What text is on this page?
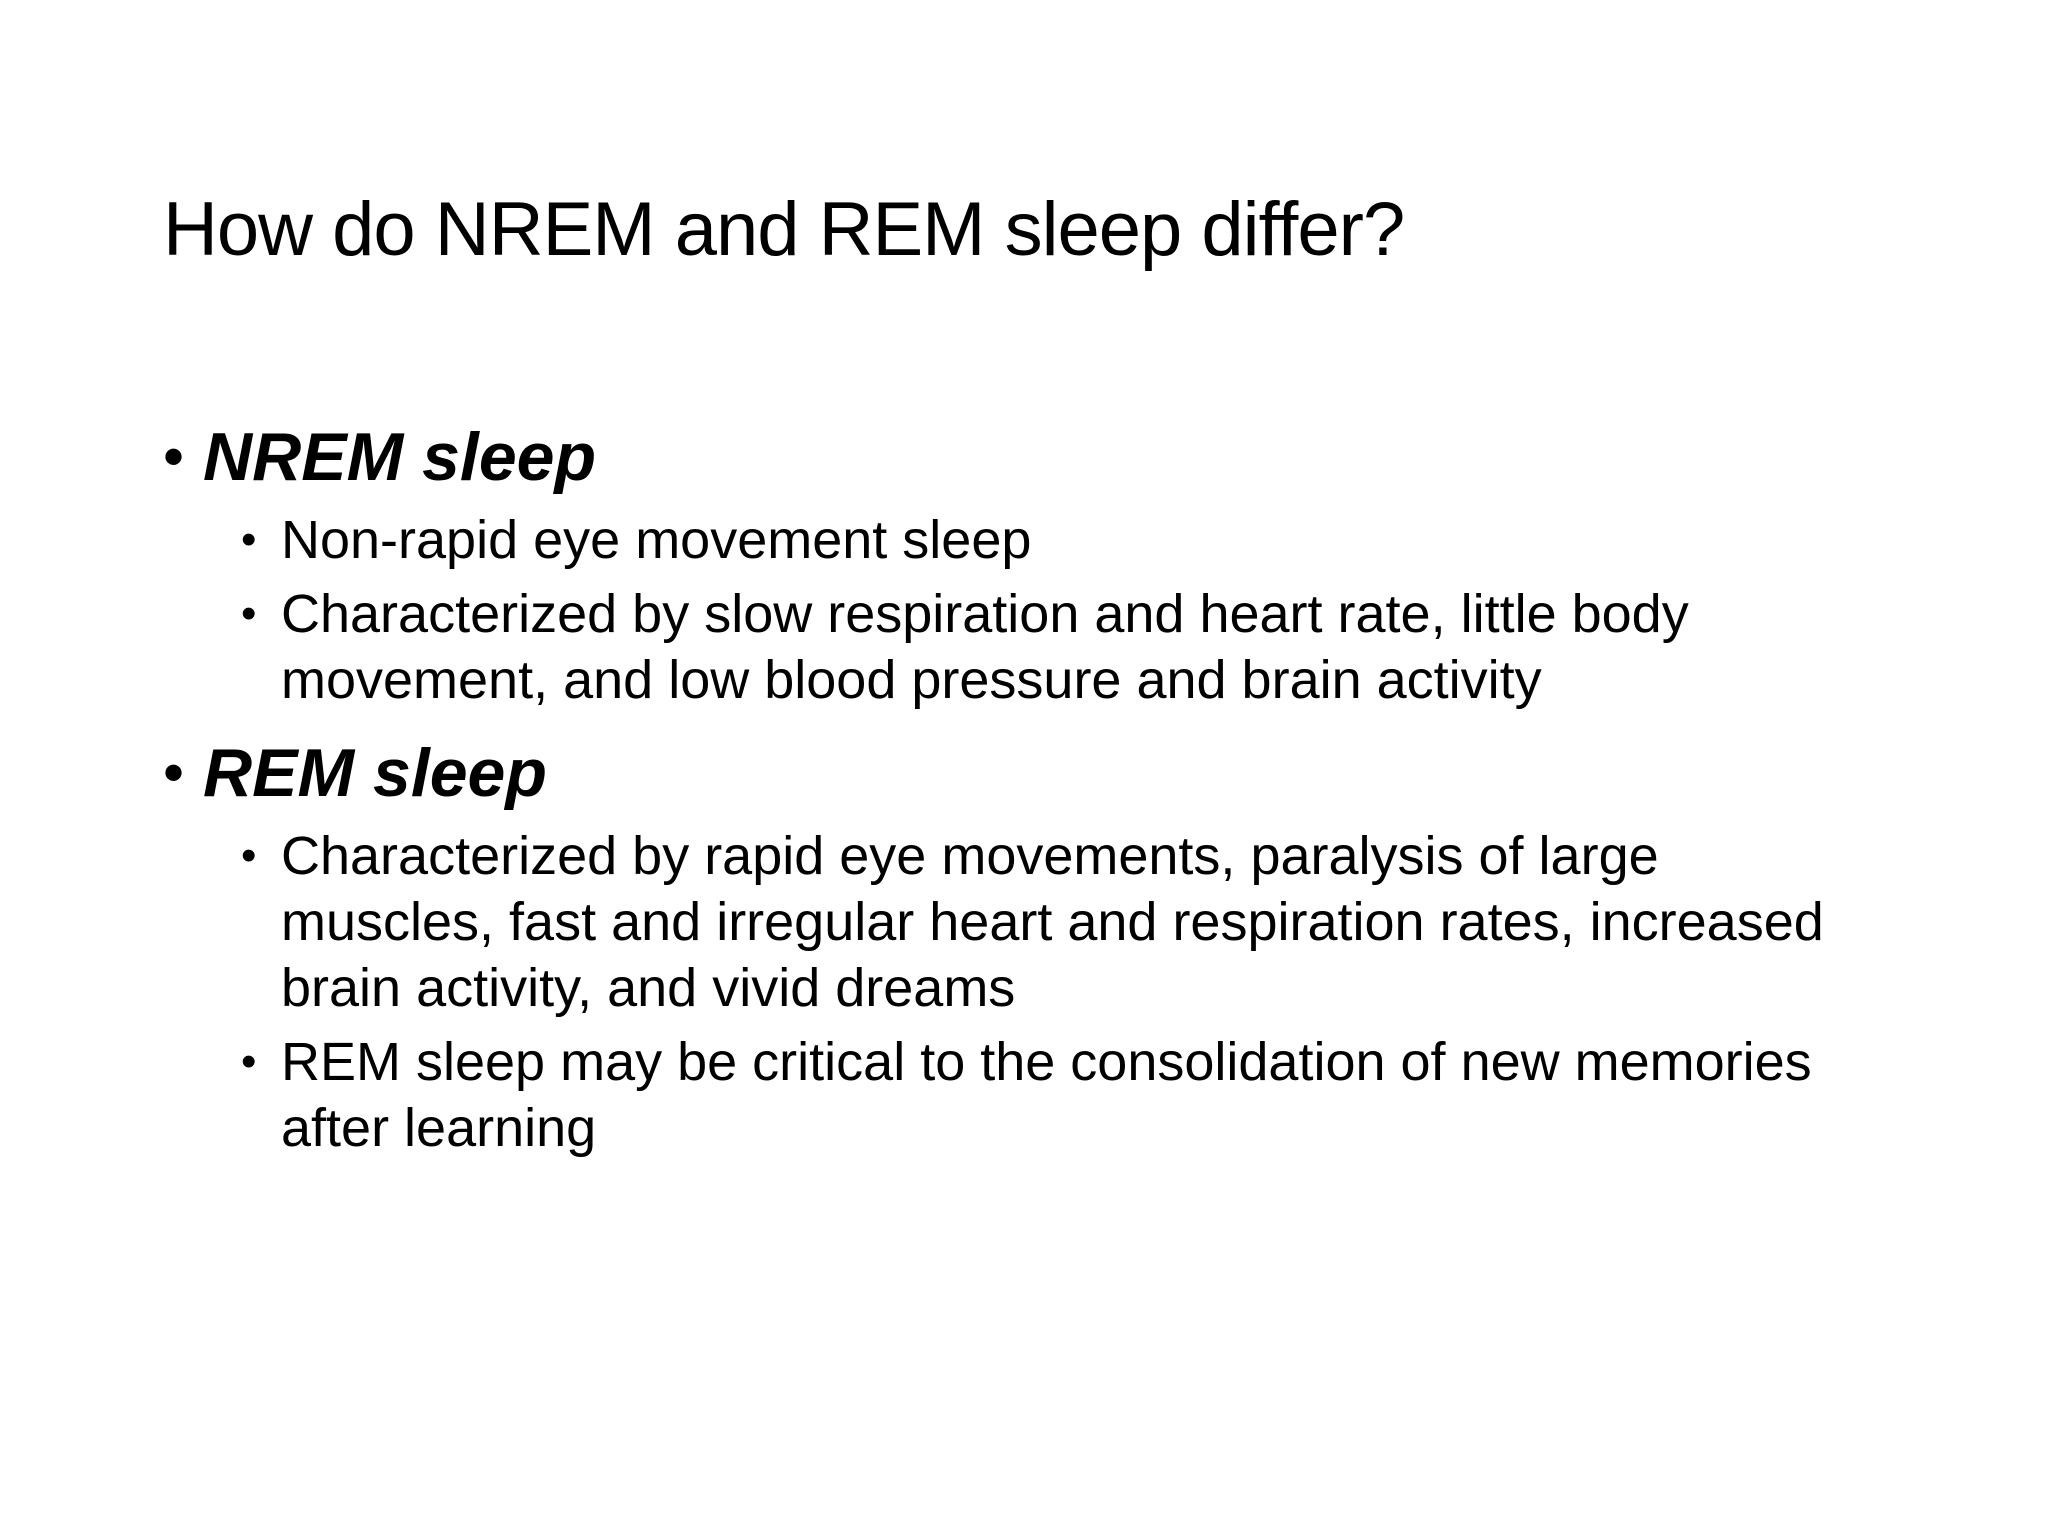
How do NREM and REM sleep differ?
• NREM sleep
• Non-rapid eye movement sleep
• Characterized by slow respiration and heart rate, little body movement, and low blood pressure and brain activity
• REM sleep
• Characterized by rapid eye movements, paralysis of large muscles, fast and irregular heart and respiration rates, increased brain activity, and vivid dreams
• REM sleep may be critical to the consolidation of new memories after learning
